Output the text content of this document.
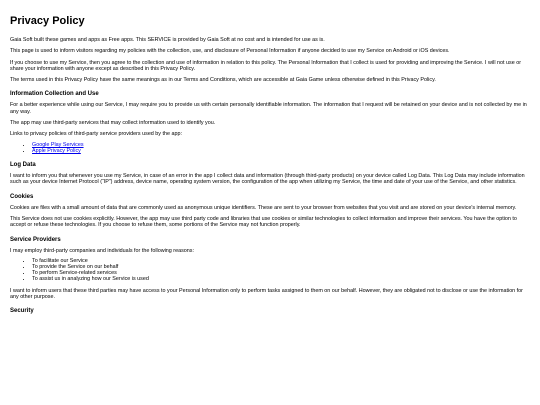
Privacy Policy

Gaia Soft built these games and apps as Free apps. This SERVICE is provided by Gaia Soft at no cost and is intended for use as is.

This page is used to inform visitors regarding my policies with the collection, use, and disclosure of Personal Information if anyone decided to use my Service on Android or iOS devices.

If you choose to use my Service, then you agree to the collection and use of information in relation to this policy. The Personal Information that I collect is used for providing and improving the Service. I will not use or share your information with anyone except as described in this Privacy Policy.

The terms used in this Privacy Policy have the same meanings as in our Terms and Conditions, which are accessible at Gaia Game unless otherwise defined in this Privacy Policy.

Information Collection and Use

For a better experience while using our Service, I may require you to provide us with certain personally identifiable information. The information that I request will be retained on your device and is not collected by me in any way.

The app may use third-party services that may collect information used to identify you.

Links to privacy policies of third-party service providers used by the app:

• Google Play Services
• Apple Privacy Policy
Log Data

I want to inform you that whenever you use my Service, in case of an error in the app I collect data and information (through third-party products) on your device called Log Data. This Log Data may include information such as your device Internet Protocol (“IP”) address, device name, operating system version, the configuration of the app when utilizing my Service, the time and date of your use of the Service, and other statistics.

Cookies

Cookies are files with a small amount of data that are commonly used as anonymous unique identifiers. These are sent to your browser from websites that you visit and are stored on your device's internal memory.

This Service does not use cookies explicitly. However, the app may use third party code and libraries that use cookies or similar technologies to collect information and improve their services. You have the option to accept or refuse these technologies. If you choose to refuse them, some portions of the Service may not function properly.

Service Providers

I may employ third-party companies and individuals for the following reasons:

• To facilitate our Service
• To provide the Service on our behalf
• To perform Service-related services
• To assist us in analyzing how our Service is used

I want to inform users that these third parties may have access to your Personal Information only to perform tasks assigned to them on our behalf. However, they are obligated not to disclose or use the information for any other purpose.

Security
